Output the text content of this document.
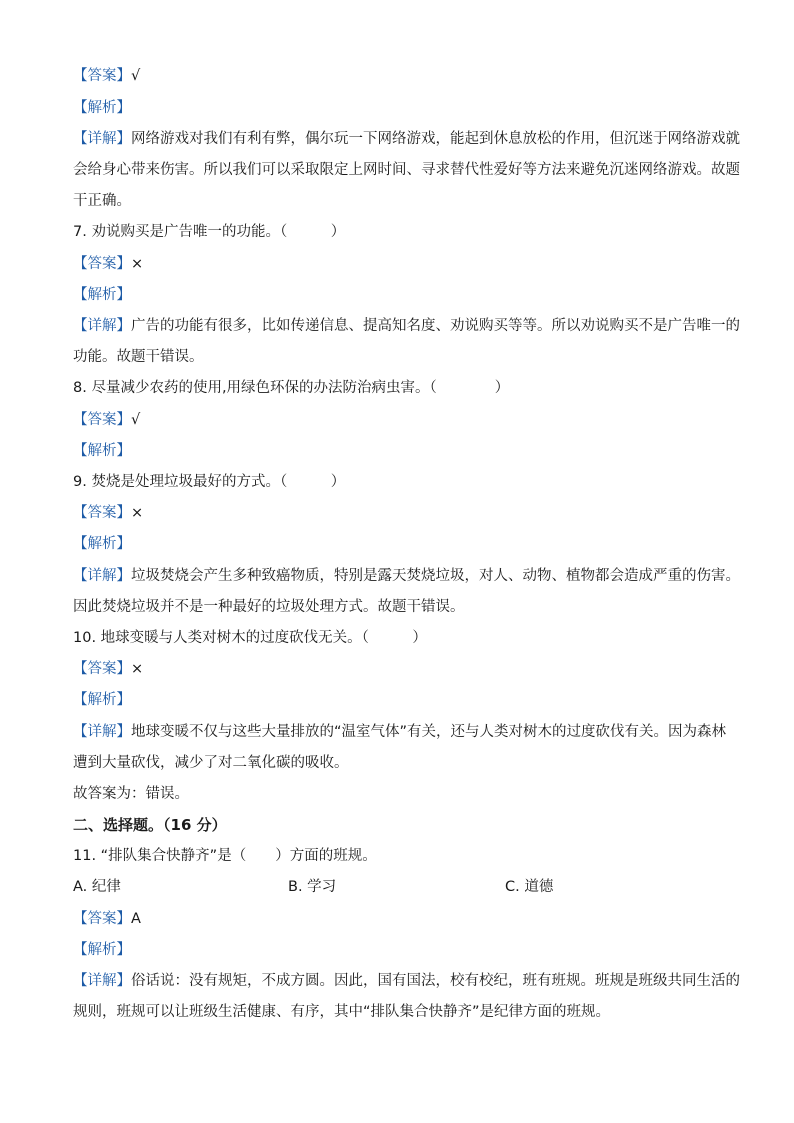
【答案】√
【解析】
【详解】网络游戏对我们有利有弊，偶尔玩一下网络游戏，能起到休息放松的作用，但沉迷于网络游戏就
会给身心带来伤害。所以我们可以采取限定上网时间、寻求替代性爱好等方法来避免沉迷网络游戏。故题
干正确。
7. 劝说购买是广告唯一的功能。（　　　）
【答案】×
【解析】
【详解】广告的功能有很多，比如传递信息、提高知名度、劝说购买等等。所以劝说购买不是广告唯一的
功能。故题干错误。
8. 尽量减少农药的使用,用绿色环保的办法防治病虫害。（　　　　）
【答案】√
【解析】
9. 焚烧是处理垃圾最好的方式。（　　　）
【答案】×
【解析】
【详解】垃圾焚烧会产生多种致癌物质，特别是露天焚烧垃圾，对人、动物、植物都会造成严重的伤害。
因此焚烧垃圾并不是一种最好的垃圾处理方式。故题干错误。
10. 地球变暖与人类对树木的过度砍伐无关。（　　　）
【答案】×
【解析】
【详解】地球变暖不仅与这些大量排放的“温室气体”有关，还与人类对树木的过度砍伐有关。因为森林
遭到大量砍伐，减少了对二氧化碳的吸收。
故答案为：错误。
二、选择题。（16 分）
11. “排队集合快静齐”是（　　）方面的班规。
A. 纪律	B. 学习	C. 道德
【答案】A
【解析】
【详解】俗话说：没有规矩，不成方圆。因此，国有国法，校有校纪，班有班规。班规是班级共同生活的
规则，班规可以让班级生活健康、有序，其中“排队集合快静齐”是纪律方面的班规。
